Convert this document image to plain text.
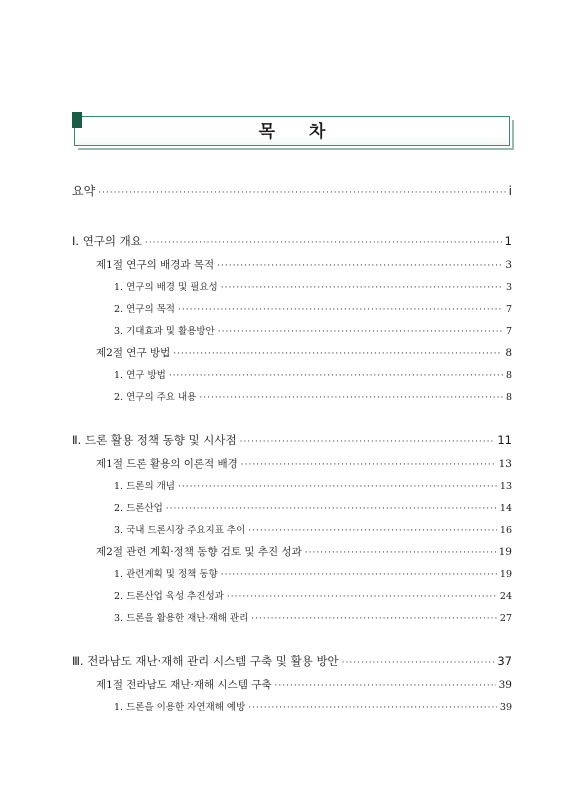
목 차
요약 ·····	i
Ⅰ. 연구의 개요 ·····	1
제1절 연구의 배경과 목적 ·····	3
1. 연구의 배경 및 필요성 ·····	3
2. 연구의 목적 ·····	7
3. 기대효과 및 활용방안 ·····	7
제2절 연구 방법 ·····	8
1. 연구 방법 ·····	8
2. 연구의 주요 내용 ·····	8
Ⅱ. 드론 활용 정책 동향 및 시사점 ·····	11
제1절 드론 활용의 이론적 배경 ·····	13
1. 드론의 개념 ·····	13
2. 드론산업 ·····	14
3. 국내 드론시장 주요지표 추이 ·····	16
제2절 관련 계획·정책 동향 검토 및 추진 성과 ·····	19
1. 관련계획 및 정책 동향 ·····	19
2. 드론산업 육성 추진성과 ·····	24
3. 드론을 활용한 재난·재해 관리 ·····	27
Ⅲ. 전라남도 재난·재해 관리 시스템 구축 및 활용 방안 ·····	37
제1절 전라남도 재난·재해 시스템 구축 ·····	39
1. 드론을 이용한 자연재해 예방 ·····	39
